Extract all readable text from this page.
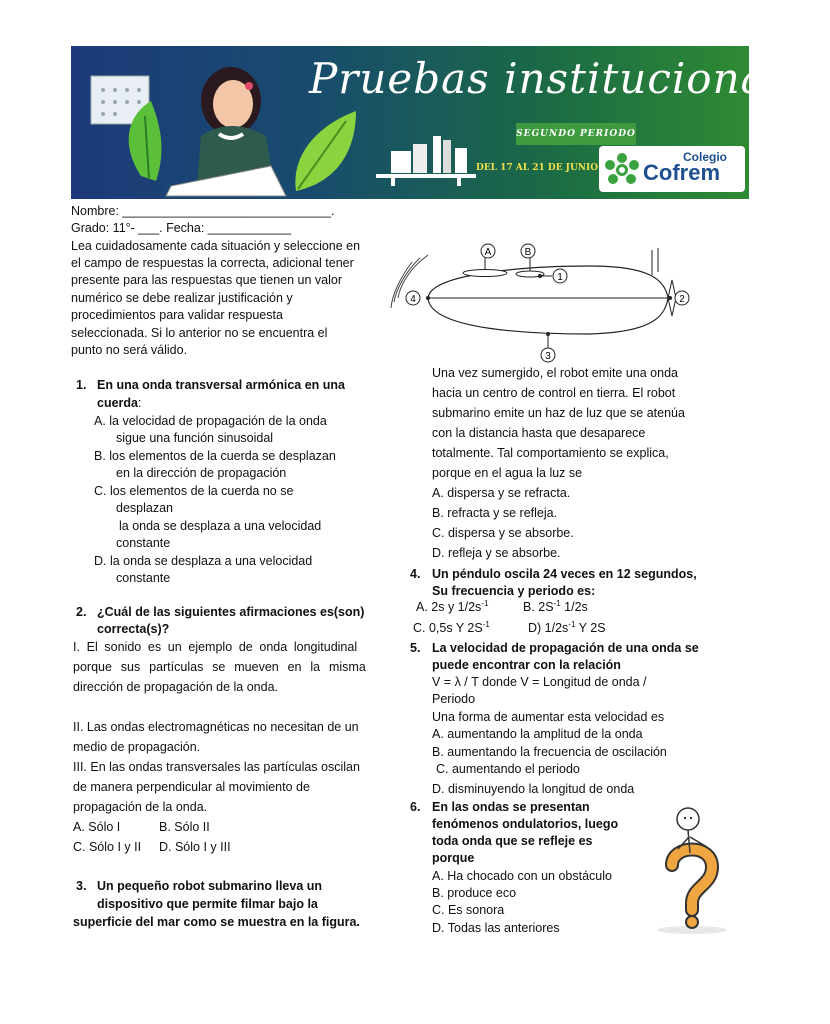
Pruebas institucionales
SEGUNDO PERIODO
DEL 17 AL 21 DE JUNIO
Colegio
Cofrem
Nombre: ______________________________.
Grado: 11°- ___. Fecha: ____________
Lea cuidadosamente cada situación y seleccione en
el campo de respuestas la correcta, adicional tener
presente para las respuestas que tienen un valor
numérico se debe realizar justificación y
procedimientos para validar respuesta
seleccionada. Si lo anterior no se encuentra el
punto no será válido.
1. En una onda transversal armónica en una
cuerda:
A. la velocidad de propagación de la onda
sigue una función sinusoidal
B. los elementos de la cuerda se desplazan
en la dirección de propagación
C. los elementos de la cuerda no se
desplazan
la onda se desplaza a una velocidad
constante
D. la onda se desplaza a una velocidad
constante
2. ¿Cuál de las siguientes afirmaciones es(son)
correcta(s)?
I. El sonido es un ejemplo de onda longitudinal
porque sus partículas se mueven en la misma
dirección de propagación de la onda.
II. Las ondas electromagnéticas no necesitan de un
medio de propagación.
III. En las ondas transversales las partículas oscilan
de manera perpendicular al movimiento de
propagación de la onda.
A. Sólo I	B. Sólo II
C. Sólo I y II D. Sólo I y III
3. Un pequeño robot submarino lleva un
dispositivo que permite filmar bajo la
superficie del mar como se muestra en la figura.
A	B
1
2
4
3
Una vez sumergido, el robot emite una onda
hacia un centro de control en tierra. El robot
submarino emite un haz de luz que se atenúa
con la distancia hasta que desaparece
totalmente. Tal comportamiento se explica,
porque en el agua la luz se
A. dispersa y se refracta.
B. refracta y se refleja.
C. dispersa y se absorbe.
D. refleja y se absorbe.
4. Un péndulo oscila 24 veces en 12 segundos,
Su frecuencia y periodo es:
A. 2s y $1/2s^{-1}$	B. $2S^{-1}$ 1/2s
C. 0,5s Y $2S^{-1}$	D) $1/2s^{-1}$ Y 2S
5. La velocidad de propagación de una onda se
puede encontrar con la relación
V = λ / T donde V = Longitud de onda /
Periodo
Una forma de aumentar esta velocidad es
A. aumentando la amplitud de la onda
B. aumentando la frecuencia de oscilación
C. aumentando el periodo
D. disminuyendo la longitud de onda
6. En las ondas se presentan
fenómenos ondulatorios, luego
toda onda que se refleje es
porque
A. Ha chocado con un obstáculo
B. produce eco
C. Es sonora
D. Todas las anteriores
